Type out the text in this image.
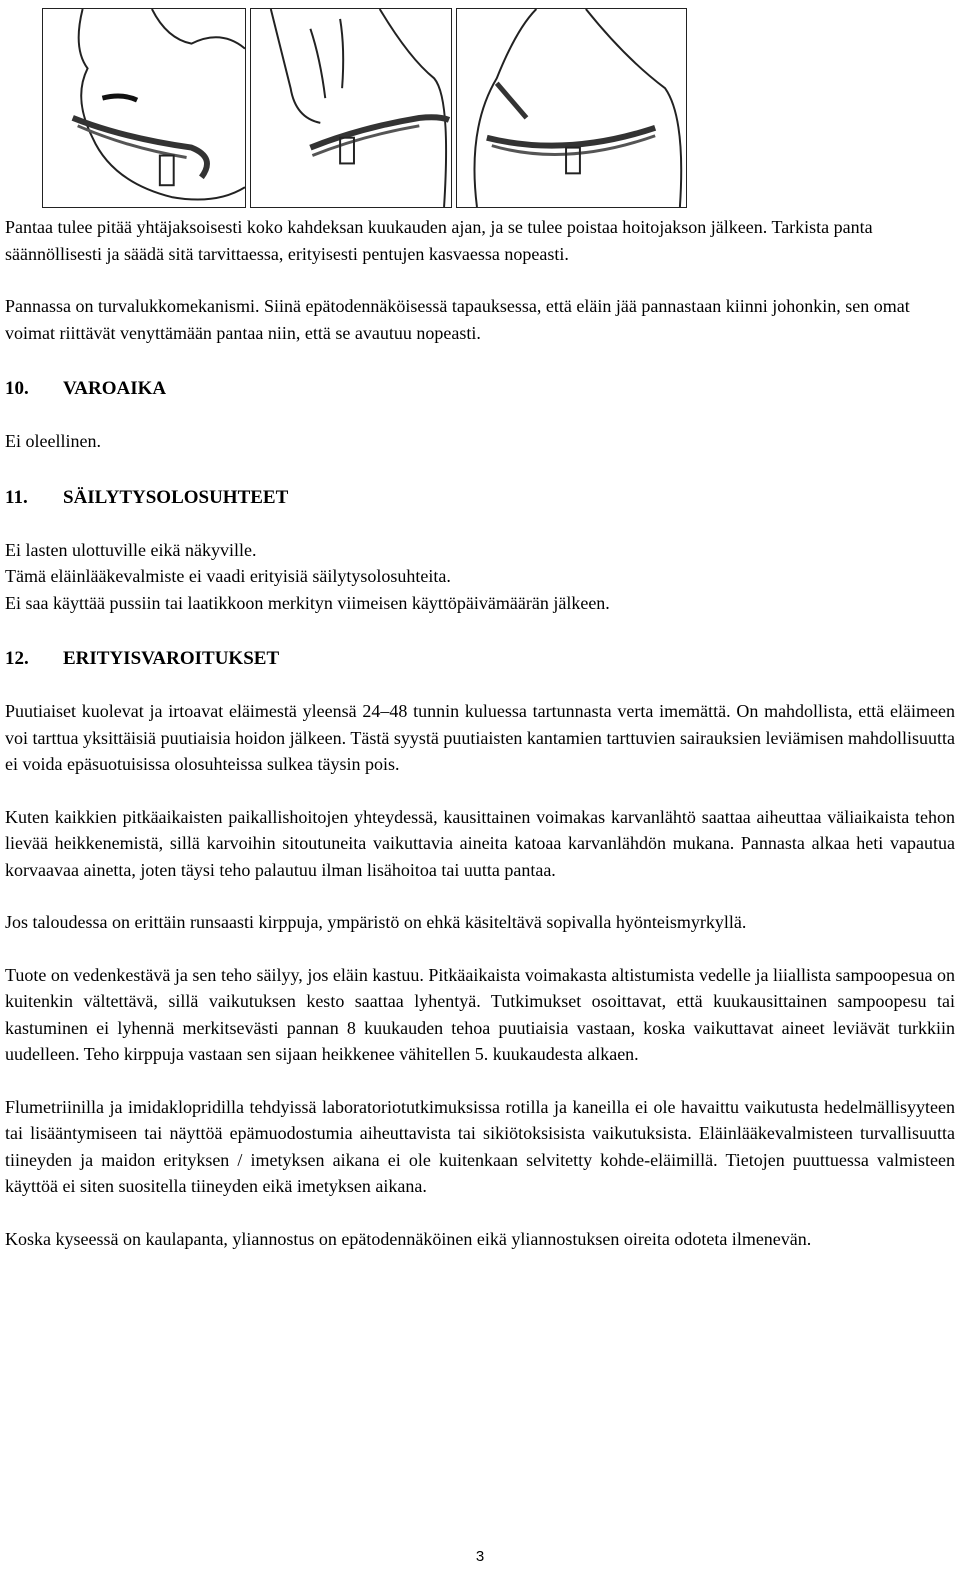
Pantaa tulee pitää yhtäjaksoisesti koko kahdeksan kuukauden ajan, ja se tulee poistaa hoitojakson jälkeen. Tarkista panta säännöllisesti ja säädä sitä tarvittaessa, erityisesti pentujen kasvaessa nopeasti.

Pannassa on turvalukkomekanismi. Siinä epätodennäköisessä tapauksessa, että eläin jää pannastaan kiinni johonkin, sen omat voimat riittävät venyttämään pantaa niin, että se avautuu nopeasti.

10. VAROAIKA

Ei oleellinen.

11. SÄILYTYSOLOSUHTEET

Ei lasten ulottuville eikä näkyville.

Tämä eläinlääkevalmiste ei vaadi erityisiä säilytysolosuhteita.

Ei saa käyttää pussiin tai laatikkoon merkityn viimeisen käyttöpäivämäärän jälkeen.

12. ERITYISVAROITUKSET

Puutiaiset kuolevat ja irtoavat eläimestä yleensä 24–48 tunnin kuluessa tartunnasta verta imemättä. On mahdollista, että eläimeen voi tarttua yksittäisiä puutiaisia hoidon jälkeen. Tästä syystä puutiaisten kantamien tarttuvien sairauksien leviämisen mahdollisuutta ei voida epäsuotuisissa olosuhteissa sulkea täysin pois.

Kuten kaikkien pitkäaikaisten paikallishoitojen yhteydessä, kausittainen voimakas karvanlähtö saattaa aiheuttaa väliaikaista tehon lievää heikkenemistä, sillä karvoihin sitoutuneita vaikuttavia aineita katoaa karvanlähdön mukana. Pannasta alkaa heti vapautua korvaavaa ainetta, joten täysi teho palautuu ilman lisähoitoa tai uutta pantaa.

Jos taloudessa on erittäin runsaasti kirppuja, ympäristö on ehkä käsiteltävä sopivalla hyönteismyrkyllä.

Tuote on vedenkestävä ja sen teho säilyy, jos eläin kastuu. Pitkäaikaista voimakasta altistumista vedelle ja liiallista sampoopesua on kuitenkin vältettävä, sillä vaikutuksen kesto saattaa lyhentyä. Tutkimukset osoittavat, että kuukausittainen sampoopesu tai kastuminen ei lyhennä merkitsevästi pannan 8 kuukauden tehoa puutiaisia vastaan, koska vaikuttavat aineet leviävät turkkiin uudelleen. Teho kirppuja vastaan sen sijaan heikkenee vähitellen 5. kuukaudesta alkaen.

Flumetriinilla ja imidaklopridilla tehdyissä laboratoriotutkimuksissa rotilla ja kaneilla ei ole havaittu vaikutusta hedelmällisyyteen tai lisääntymiseen tai näyttöä epämuodostumia aiheuttavista tai sikiötoksisista vaikutuksista. Eläinlääkevalmisteen turvallisuutta tiineyden ja maidon erityksen / imetyksen aikana ei ole kuitenkaan selvitetty kohde-eläimillä. Tietojen puuttuessa valmisteen käyttöä ei siten suositella tiineyden eikä imetyksen aikana.

Koska kyseessä on kaulapanta, yliannostus on epätodennäköinen eikä yliannostuksen oireita odoteta ilmenevän.

3
